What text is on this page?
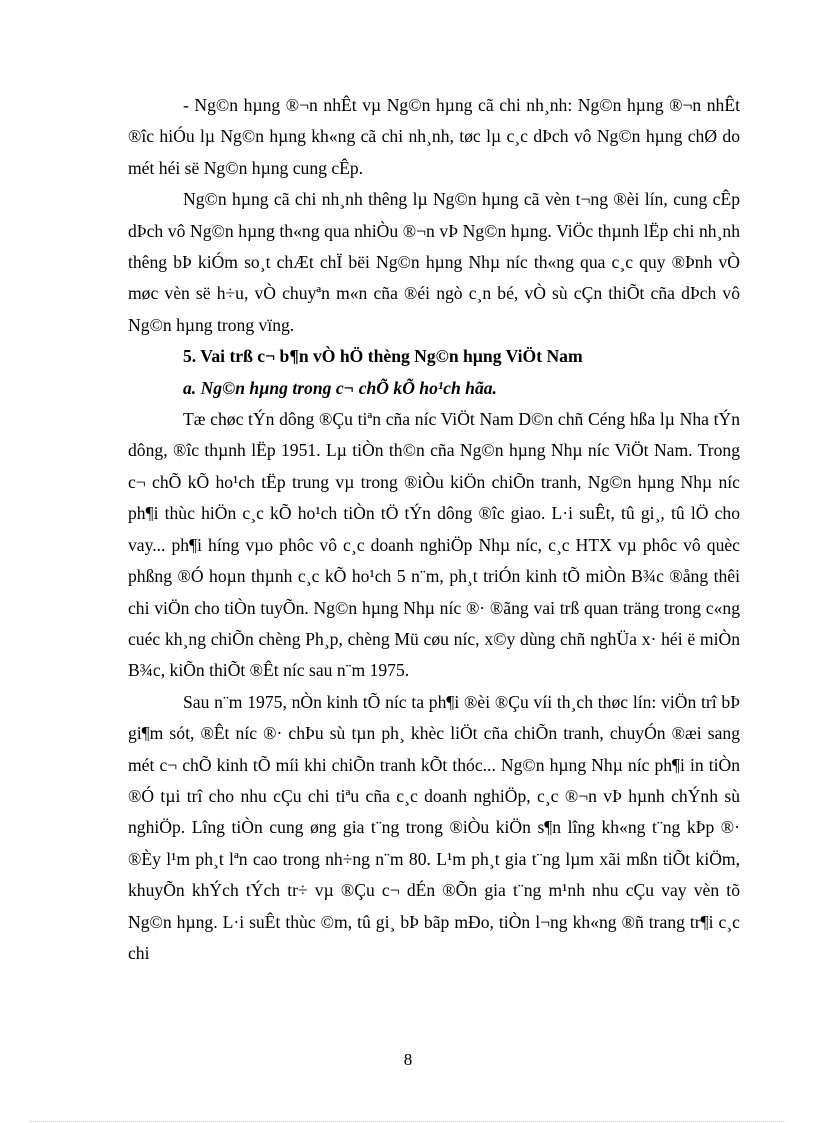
- Ng©n hµng ®¬n nhÊt vµ Ng©n hµng cã chi nh¸nh: Ng©n hµng ®¬n nhÊt ®îc hiÓu lµ Ng©n hµng kh«ng cã chi nh¸nh, tøc lµ c¸c dÞch vô Ng©n hµng chØ do mét héi së Ng©n hµng cung cÊp.

Ng©n hµng cã chi nh¸nh thêng lµ Ng©n hµng cã vèn t¬ng ®èi lín, cung cÊp dÞch vô Ng©n hµng th«ng qua nhiÒu ®¬n vÞ Ng©n hµng. ViÖc thµnh lËp chi nh¸nh thêng bÞ kiÓm so¸t chÆt chÏ bëi Ng©n hµng Nhµ níc th«ng qua c¸c quy ®Þnh vÒ møc vèn së h÷u, vÒ chuyªn m«n cña ®éi ngò c¸n bé, vÒ sù cÇn thiÕt cña dÞch vô Ng©n hµng trong vïng.

5. Vai trß c¬ b¶n vÒ hÖ thèng Ng©n hµng ViÖt Nam

a. Ng©n hµng trong c¬ chÕ kÕ ho¹ch hãa.

Tæ chøc tÝn dông ®Çu tiªn cña níc ViÖt Nam D©n chñ Céng hßa lµ Nha tÝn dông, ®îc thµnh lËp 1951. Lµ tiÒn th©n cña Ng©n hµng Nhµ níc ViÖt Nam. Trong c¬ chÕ kÕ ho¹ch tËp trung vµ trong ®iÒu kiÖn chiÕn tranh, Ng©n hµng Nhµ níc ph¶i thùc hiÖn c¸c kÕ ho¹ch tiÒn tÖ tÝn dông ®îc giao. L·i suÊt, tû gi¸, tû lÖ cho vay... ph¶i híng vµo phôc vô c¸c doanh nghiÖp Nhµ níc, c¸c HTX vµ phôc vô quèc phßng ®Ó hoµn thµnh c¸c kÕ ho¹ch 5 n¨m, ph¸t triÓn kinh tÕ miÒn B¾c ®ång thêi chi viÖn cho tiÒn tuyÕn. Ng©n hµng Nhµ níc ®· ®ãng vai trß quan träng trong c«ng cuéc kh¸ng chiÕn chèng Ph¸p, chèng Mü cøu níc, x©y dùng chñ nghÜa x· héi ë miÒn B¾c, kiÕn thiÕt ®Êt níc sau n¨m 1975.

Sau n¨m 1975, nÒn kinh tÕ níc ta ph¶i ®èi ®Çu víi th¸ch thøc lín: viÖn trî bÞ gi¶m sót, ®Êt níc ®· chÞu sù tµn ph¸ khèc liÖt cña chiÕn tranh, chuyÓn ®æi sang mét c¬ chÕ kinh tÕ míi khi chiÕn tranh kÕt thóc... Ng©n hµng Nhµ níc ph¶i in tiÒn ®Ó tµi trî cho nhu cÇu chi tiªu cña c¸c doanh nghiÖp, c¸c ®¬n vÞ hµnh chÝnh sù nghiÖp. Lîng tiÒn cung øng gia t¨ng trong ®iÒu kiÖn s¶n lîng kh«ng t¨ng kÞp ®· ®Èy l¹m ph¸t lªn cao trong nh÷ng n¨m 80. L¹m ph¸t gia t¨ng lµm xãi mßn tiÕt kiÖm, khuyÕn khÝch tÝch tr÷ vµ ®Çu c¬ dÉn ®Õn gia t¨ng m¹nh nhu cÇu vay vèn tõ Ng©n hµng. L·i suÊt thùc ©m, tû gi¸ bÞ bãp mÐo, tiÒn l¬ng kh«ng ®ñ trang tr¶i c¸c chi

8
